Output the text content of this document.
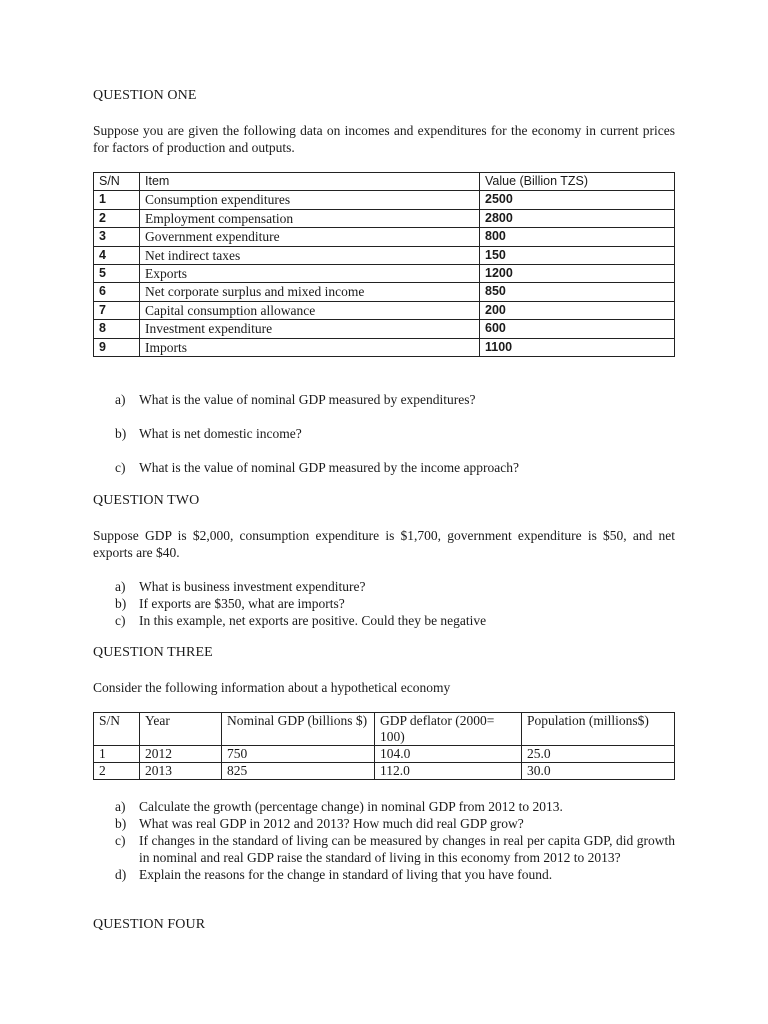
QUESTION ONE
Suppose you are given the following data on incomes and expenditures for the economy in current prices for factors of production and outputs.
S/N	Item	Value (Billion TZS)
1	Consumption expenditures	2500
2	Employment compensation	2800
3	Government expenditure	800
4	Net indirect taxes	150
5	Exports	1200
6	Net corporate surplus and mixed income	850
7	Capital consumption allowance	200
8	Investment expenditure	600
9	Imports	1100
a)	What is the value of nominal GDP measured by expenditures?
b) What is net domestic income?
c)	What is the value of nominal GDP measured by the income approach?
QUESTION TWO
Suppose GDP is $2,000, consumption expenditure is $1,700, government expenditure is $50, and net exports are $40.
a)	What is business investment expenditure?
b) If exports are $350, what are imports?
c)	In this example, net exports are positive. Could they be negative
QUESTION THREE
Consider the following information about a hypothetical economy
S/N	Year	Nominal GDP (billions $)	GDP deflator (2000= 100)	Population (millions$)
1	2012	750	104.0	25.0
2	2013	825	112.0	30.0
a)	Calculate the growth (percentage change) in nominal GDP from 2012 to 2013.
b) What was real GDP in 2012 and 2013? How much did real GDP grow?
c)	If changes in the standard of living can be measured by changes in real per capita GDP, did growth in nominal and real GDP raise the standard of living in this economy from 2012 to 2013?
d) Explain the reasons for the change in standard of living that you have found.
QUESTION FOUR
